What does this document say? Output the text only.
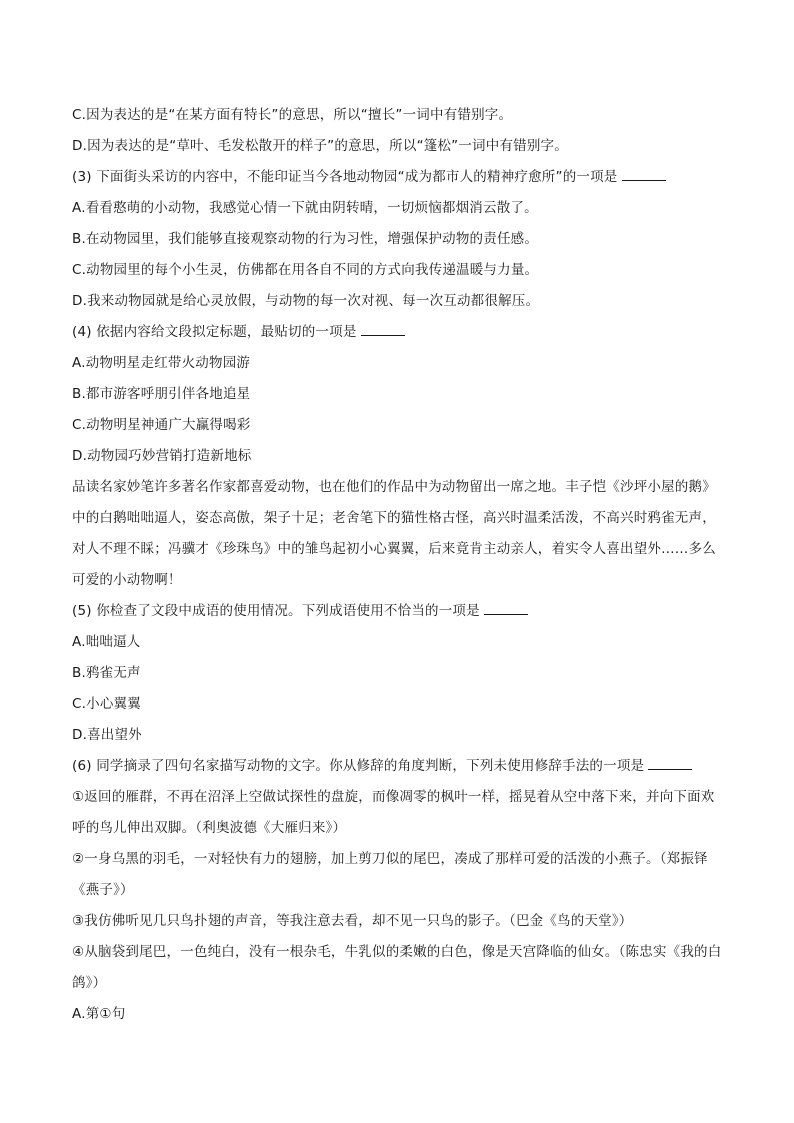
C.因为表达的是“在某方面有特长”的意思，所以“擅长”一词中有错别字。
D.因为表达的是“草叶、毛发松散开的样子”的意思，所以“篷松”一词中有错别字。
(3) 下面街头采访的内容中，不能印证当今各地动物园“成为都市人的精神疗愈所”的一项是
A.看看憨萌的小动物，我感觉心情一下就由阴转晴，一切烦恼都烟消云散了。
B.在动物园里，我们能够直接观察动物的行为习性，增强保护动物的责任感。
C.动物园里的每个小生灵，仿佛都在用各自不同的方式向我传递温暖与力量。
D.我来动物园就是给心灵放假，与动物的每一次对视、每一次互动都很解压。
(4) 依据内容给文段拟定标题，最贴切的一项是
A.动物明星走红带火动物园游
B.都市游客呼朋引伴各地追星
C.动物明星神通广大赢得喝彩
D.动物园巧妙营销打造新地标
品读名家妙笔许多著名作家都喜爱动物，也在他们的作品中为动物留出一席之地。丰子恺《沙坪小屋的鹅》中的白鹅咄咄逼人，姿态高傲，架子十足；老舍笔下的猫性格古怪，高兴时温柔活泼，不高兴时鸦雀无声，对人不理不睬；冯骥才《珍珠鸟》中的雏鸟起初小心翼翼，后来竟肯主动亲人，着实令人喜出望外……多么可爱的小动物啊！
(5) 你检查了文段中成语的使用情况。下列成语使用不恰当的一项是
A.咄咄逼人
B.鸦雀无声
C.小心翼翼
D.喜出望外
(6) 同学摘录了四句名家描写动物的文字。你从修辞的角度判断，下列未使用修辞手法的一项是
①返回的雁群，不再在沼泽上空做试探性的盘旋，而像凋零的枫叶一样，摇晃着从空中落下来，并向下面欢呼的鸟儿伸出双脚。（利奥波德《大雁归来》）
②一身乌黑的羽毛，一对轻快有力的翅膀，加上剪刀似的尾巴，凑成了那样可爱的活泼的小燕子。（郑振铎《燕子》）
③我仿佛听见几只鸟扑翅的声音，等我注意去看，却不见一只鸟的影子。（巴金《鸟的天堂》）
④从脑袋到尾巴，一色纯白，没有一根杂毛，牛乳似的柔嫩的白色，像是天宫降临的仙女。（陈忠实《我的白鸽》）
A.第①句
